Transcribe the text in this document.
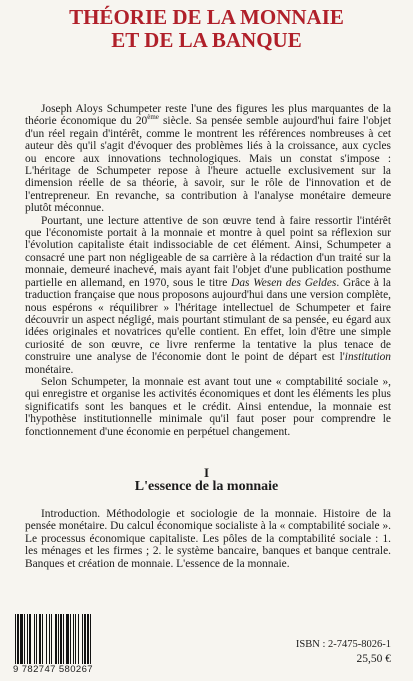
THÉORIE DE LA MONNAIE
ET DE LA BANQUE

Joseph Aloys Schumpeter reste l'une des figures les plus marquantes de la théorie économique du 20ème siècle. Sa pensée semble aujourd'hui faire l'objet d'un réel regain d'intérêt, comme le montrent les références nombreuses à cet auteur dès qu'il s'agit d'évoquer des problèmes liés à la croissance, aux cycles ou encore aux innovations technologiques. Mais un constat s'impose : L'héritage de Schumpeter repose à l'heure actuelle exclusivement sur la dimension réelle de sa théorie, à savoir, sur le rôle de l'innovation et de l'entrepreneur. En revanche, sa contribution à l'analyse monétaire demeure plutôt méconnue.

Pourtant, une lecture attentive de son œuvre tend à faire ressortir l'intérêt que l'économiste portait à la monnaie et montre à quel point sa réflexion sur l'évolution capitaliste était indissociable de cet élément. Ainsi, Schumpeter a consacré une part non négligeable de sa carrière à la rédaction d'un traité sur la monnaie, demeuré inachevé, mais ayant fait l'objet d'une publication posthume partielle en allemand, en 1970, sous le titre Das Wesen des Geldes. Grâce à la traduction française que nous proposons aujourd'hui dans une version complète, nous espérons « réquilibrer » l'héritage intellectuel de Schumpeter et faire découvrir un aspect négligé, mais pourtant stimulant de sa pensée, eu égard aux idées originales et novatrices qu'elle contient. En effet, loin d'être une simple curiosité de son œuvre, ce livre renferme la tentative la plus tenace de construire une analyse de l'économie dont le point de départ est l'institution monétaire.

Selon Schumpeter, la monnaie est avant tout une « comptabilité sociale », qui enregistre et organise les activités économiques et dont les éléments les plus significatifs sont les banques et le crédit. Ainsi entendue, la monnaie est l'hypothèse institutionnelle minimale qu'il faut poser pour comprendre le fonctionnement d'une économie en perpétuel changement.

I
L'essence de la monnaie

Introduction. Méthodologie et sociologie de la monnaie. Histoire de la pensée monétaire. Du calcul économique socialiste à la « comptabilité sociale ». Le processus économique capitaliste. Les pôles de la comptabilité sociale : 1. les ménages et les firmes ; 2. le système bancaire, banques et banque centrale. Banques et création de monnaie. L'essence de la monnaie.

9 782747 580267
ISBN : 2-7475-8026-1
25,50 €
